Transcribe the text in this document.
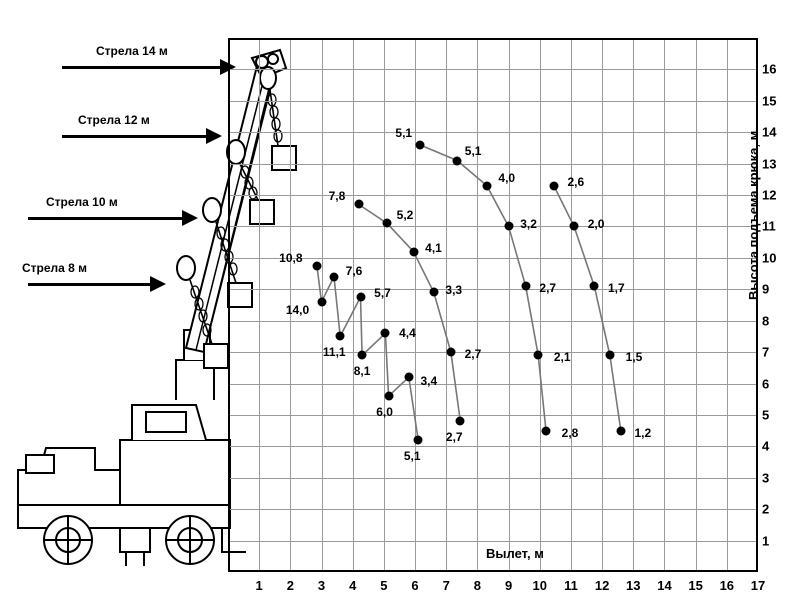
Стрела 14 м
Стрела 12 м
Стрела 10 м
Стрела 8 м
10,8
14,0
7,6
11,1
5,7
8,1
4,4
6,0
3,4
5,1
7,8
5,2
4,1
3,3
2,7
2,7
5,1
5,1
4,0
3,2
2,7
2,1
2,8
2,6
2,0
1,7
1,5
1,2
Вылет, м
Высота подъема крюка, м
1 2 3 4 5 6 7 8 9 10 11 12 13 14 15 16 17
1
2
3
4
5
6
7
8
9
10
11
12
13
14
15
16
